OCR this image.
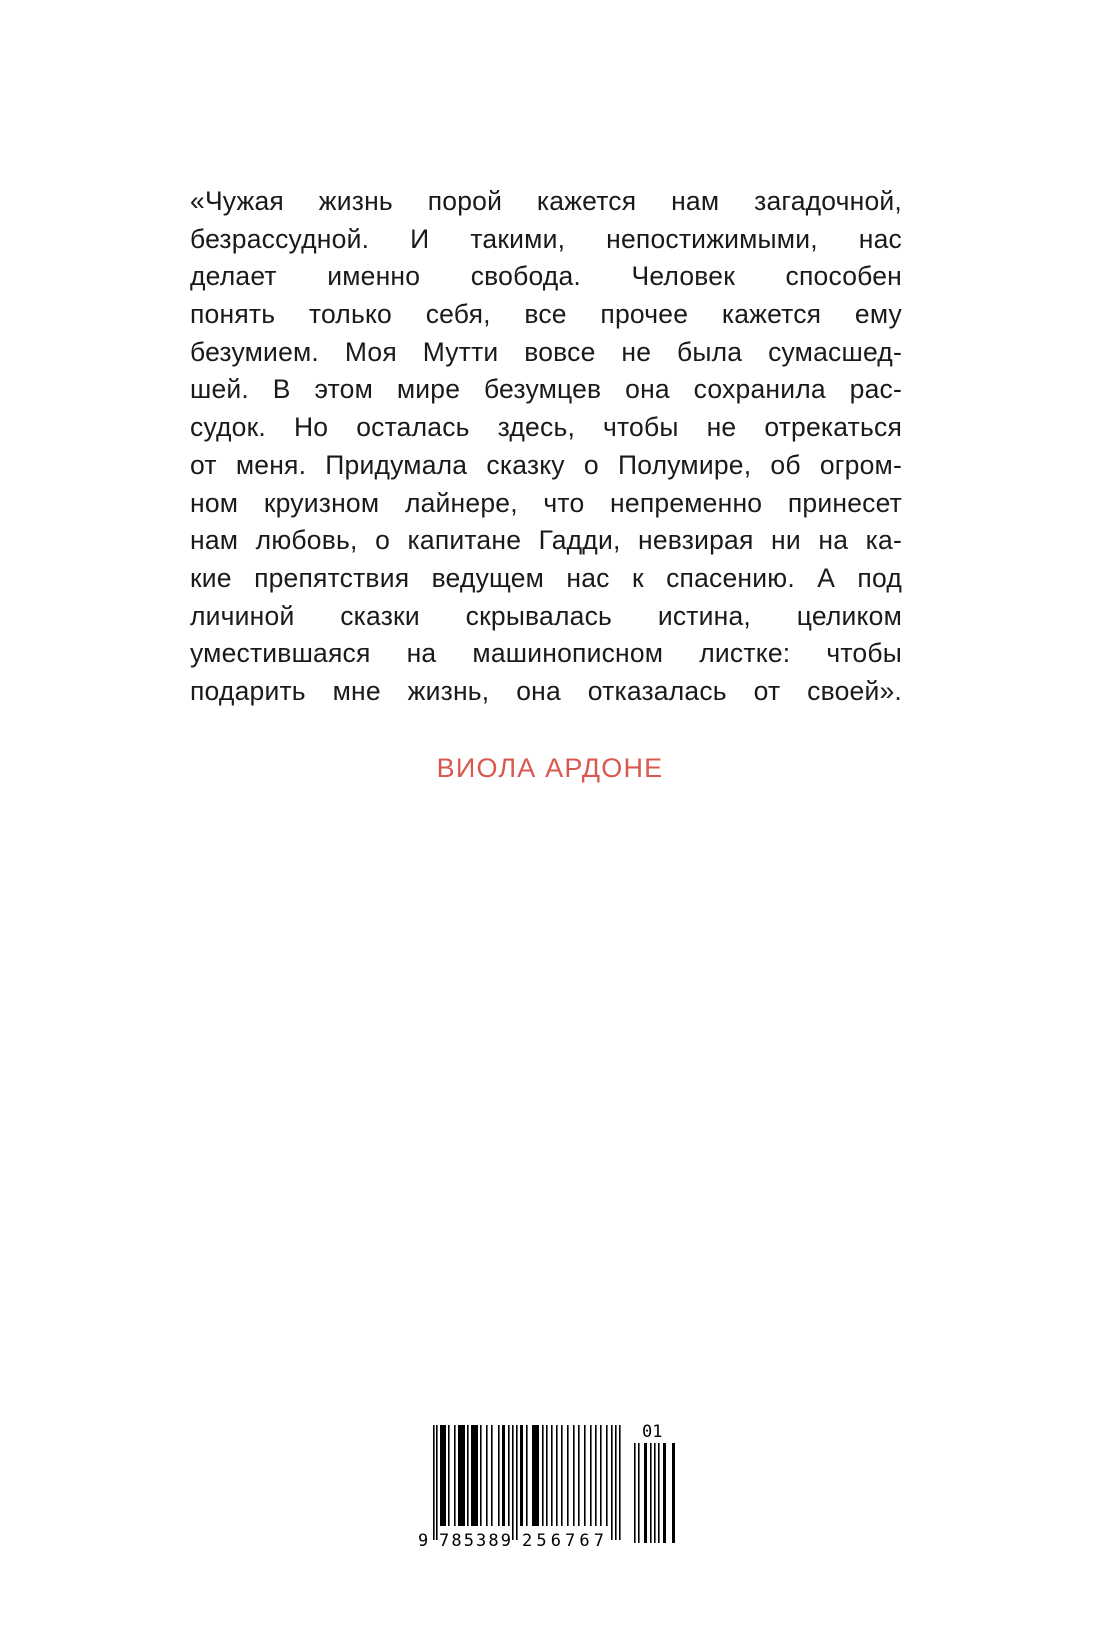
«Чужая жизнь порой кажется нам загадочной,
безрассудной. И такими, непостижимыми, нас
делает именно свобода. Человек способен
понять только себя, все прочее кажется ему
безумием. Моя Мутти вовсе не была сумасшед-
шей. В этом мире безумцев она сохранила рас-
судок. Но осталась здесь, чтобы не отрекаться
от меня. Придумала сказку о Полумире, об огром-
ном круизном лайнере, что непременно принесет
нам любовь, о капитане Гадди, невзирая ни на ка-
кие препятствия ведущем нас к спасению. А под
личиной сказки скрывалась истина, целиком
уместившаяся на машинописном листке: чтобы
подарить мне жизнь, она отказалась от своей».
ВИОЛА АРДОНЕ
9 785389 256767
01
